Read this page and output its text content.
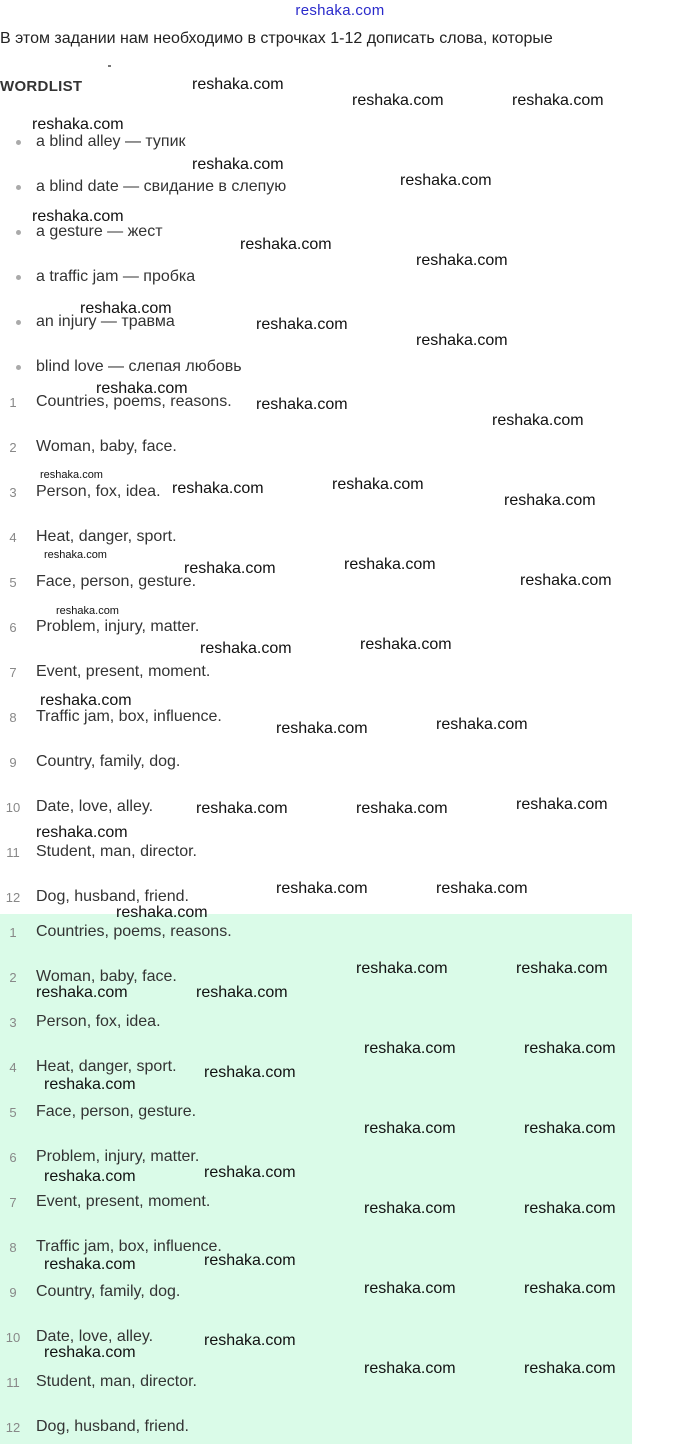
reshaka.com
В этом задании нам необходимо в строчках 1-12 дописать слова, которые
WORDLIST
a blind alley — тупик
a blind date — свидание в слепую
a gesture — жест
a traffic jam — пробка
an injury — травма
blind love — слепая любовь
1	Countries, poems, reasons.
2	Woman, baby, face.
3	Person, fox, idea.
4	Heat, danger, sport.
5	Face, person, gesture.
6	Problem, injury, matter.
7	Event, present, moment.
8	Traffic jam, box, influence.
9	Country, family, dog.
10 Date, love, alley.
11	Student, man, director.
12 Dog, husband, friend.
1	Countries, poems, reasons.
2	Woman, baby, face.
3	Person, fox, idea.
4	Heat, danger, sport.
5	Face, person, gesture.
6	Problem, injury, matter.
7	Event, present, moment.
8	Traffic jam, box, influence.
9	Country, family, dog.
10 Date, love, alley.
11	Student, man, director.
12 Dog, husband, friend.
reshaka.com
reshaka.com	reshaka.com
reshaka.com
reshaka.com
reshaka.com
reshaka.com
reshaka.com
reshaka.com
reshaka.com
reshaka.com
reshaka.com
reshaka.com
reshaka.com
reshaka.com
reshaka.com
reshaka.com
reshaka.com
reshaka.com
reshaka.com
reshaka.com
reshaka.com
reshaka.com
reshaka.com
reshaka.com
reshaka.com
reshaka.com
reshaka.com
reshaka.com
reshaka.com
reshaka.com	reshaka.com
reshaka.com
reshaka.com	reshaka.com
reshaka.com
reshaka.com	reshaka.com
reshaka.com	reshaka.com
reshaka.com	reshaka.com
reshaka.com
reshaka.com
reshaka.com	reshaka.com
reshaka.com
reshaka.com
reshaka.com	reshaka.com
reshaka.com
reshaka.com
reshaka.com	reshaka.com
reshaka.com
reshaka.com
reshaka.com	reshaka.com
